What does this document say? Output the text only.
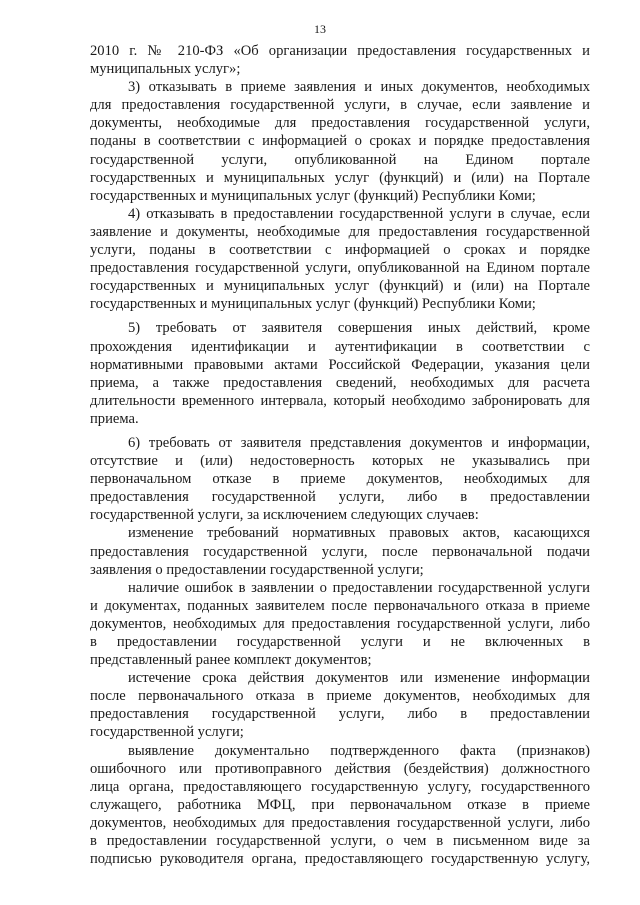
13
2010 г. № 210-ФЗ «Об организации предоставления государственных и
муниципальных услуг»;
3) отказывать в приеме заявления и иных документов, необходимых
для предоставления государственной услуги, в случае, если заявление и
документы, необходимые для предоставления государственной услуги,
поданы в соответствии с информацией о сроках и порядке предоставления
государственной услуги, опубликованной на Едином портале
государственных и муниципальных услуг (функций) и (или) на Портале
государственных и муниципальных услуг (функций) Республики Коми;
4) отказывать в предоставлении государственной услуги в случае, если
заявление и документы, необходимые для предоставления государственной
услуги, поданы в соответствии с информацией о сроках и порядке
предоставления государственной услуги, опубликованной на Едином портале
государственных и муниципальных услуг (функций) и (или) на Портале
государственных и муниципальных услуг (функций) Республики Коми;
5) требовать от заявителя совершения иных действий, кроме
прохождения идентификации и аутентификации в соответствии с
нормативными правовыми актами Российской Федерации, указания цели
приема, а также предоставления сведений, необходимых для расчета
длительности временного интервала, который необходимо забронировать для
приема.
6) требовать от заявителя представления документов и информации,
отсутствие и (или) недостоверность которых не указывались при
первоначальном отказе в приеме документов, необходимых для
предоставления государственной услуги, либо в предоставлении
государственной услуги, за исключением следующих случаев:
изменение требований нормативных правовых актов, касающихся
предоставления государственной услуги, после первоначальной подачи
заявления о предоставлении государственной услуги;
наличие ошибок в заявлении о предоставлении государственной услуги
и документах, поданных заявителем после первоначального отказа в приеме
документов, необходимых для предоставления государственной услуги, либо
в предоставлении государственной услуги и не включенных в
представленный ранее комплект документов;
истечение срока действия документов или изменение информации
после первоначального отказа в приеме документов, необходимых для
предоставления государственной услуги, либо в предоставлении
государственной услуги;
выявление документально подтвержденного факта (признаков)
ошибочного или противоправного действия (бездействия) должностного
лица органа, предоставляющего государственную услугу, государственного
служащего, работника МФЦ, при первоначальном отказе в приеме
документов, необходимых для предоставления государственной услуги, либо
в предоставлении государственной услуги, о чем в письменном виде за
подписью руководителя органа, предоставляющего государственную услугу,
